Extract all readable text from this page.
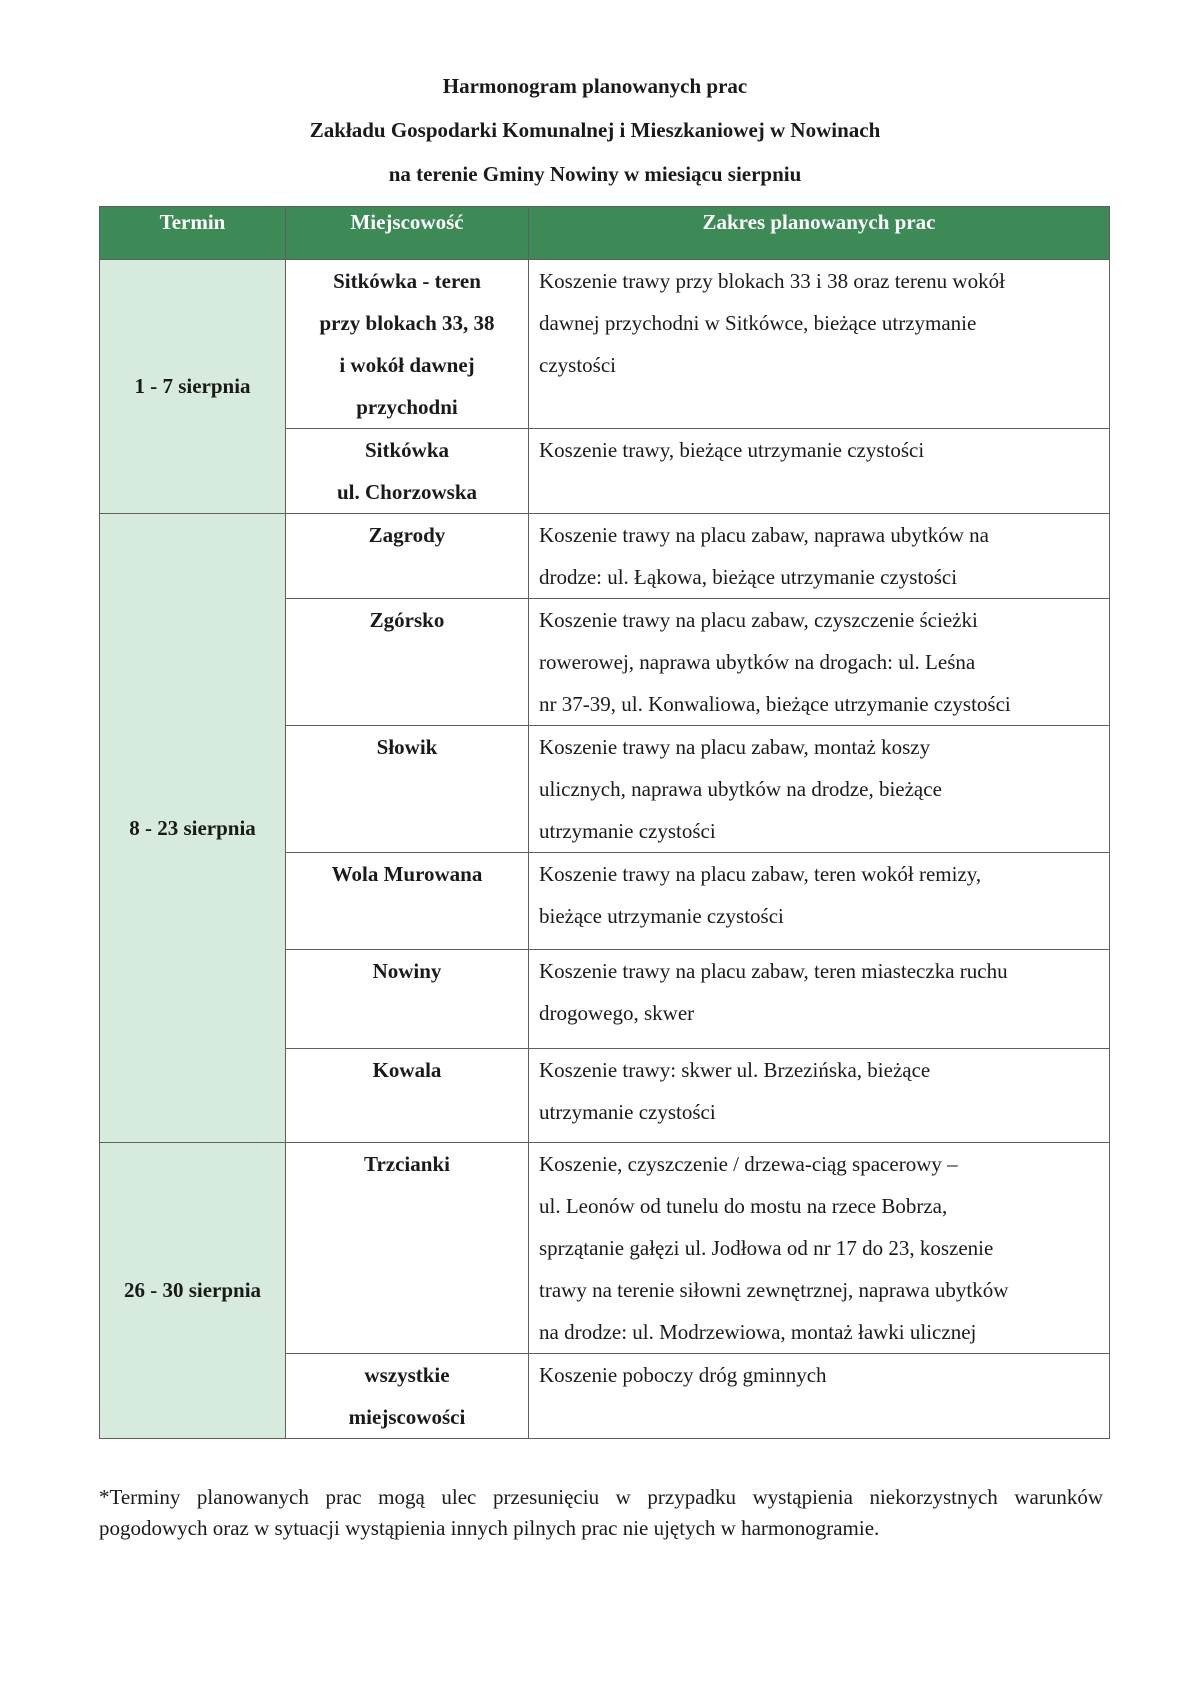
Harmonogram planowanych prac
Zakładu Gospodarki Komunalnej i Mieszkaniowej w Nowinach
na terenie Gminy Nowiny w miesiącu sierpniu
Termin	Miejscowość	Zakres planowanych prac
1 - 7 sierpnia	Sitkówka - teren
przy blokach 33, 38
i wokół dawnej
przychodni	Koszenie trawy przy blokach 33 i 38 oraz terenu wokół
dawnej przychodni w Sitkówce, bieżące utrzymanie
czystości
	Sitkówka
ul. Chorzowska	Koszenie trawy, bieżące utrzymanie czystości
8 - 23 sierpnia	Zagrody	Koszenie trawy na placu zabaw, naprawa ubytków na
drodze: ul. Łąkowa, bieżące utrzymanie czystości
	Zgórsko	Koszenie trawy na placu zabaw, czyszczenie ścieżki
rowerowej, naprawa ubytków na drogach: ul. Leśna
nr 37-39, ul. Konwaliowa, bieżące utrzymanie czystości
	Słowik	Koszenie trawy na placu zabaw, montaż koszy
ulicznych, naprawa ubytków na drodze, bieżące
utrzymanie czystości
	Wola Murowana	Koszenie trawy na placu zabaw, teren wokół remizy,
bieżące utrzymanie czystości
	Nowiny	Koszenie trawy na placu zabaw, teren miasteczka ruchu
drogowego, skwer
	Kowala	Koszenie trawy: skwer ul. Brzezińska, bieżące
utrzymanie czystości
26 - 30 sierpnia	Trzcianki	Koszenie, czyszczenie / drzewa-ciąg spacerowy –
ul. Leonów od tunelu do mostu na rzece Bobrza,
sprzątanie gałęzi ul. Jodłowa od nr 17 do 23, koszenie
trawy na terenie siłowni zewnętrznej, naprawa ubytków
na drodze: ul. Modrzewiowa, montaż ławki ulicznej
	wszystkie
miejscowości	Koszenie poboczy dróg gminnych
*Terminy planowanych prac mogą ulec przesunięciu w przypadku wystąpienia niekorzystnych warunków pogodowych oraz w sytuacji wystąpienia innych pilnych prac nie ujętych w harmonogramie.
